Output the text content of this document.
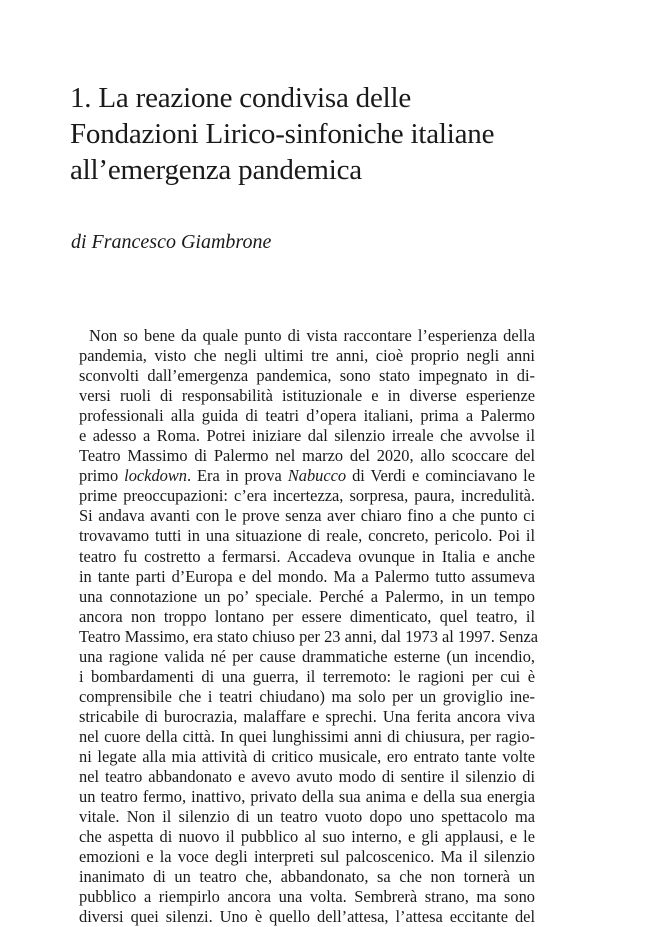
1. La reazione condivisa delle
Fondazioni Lirico-sinfoniche italiane
all’emergenza pandemica
di Francesco Giambrone
Non so bene da quale punto di vista raccontare l’esperienza della
pandemia, visto che negli ultimi tre anni, cioè proprio negli anni
sconvolti dall’emergenza pandemica, sono stato impegnato in di-
versi ruoli di responsabilità istituzionale e in diverse esperienze
professionali alla guida di teatri d’opera italiani, prima a Palermo
e adesso a Roma. Potrei iniziare dal silenzio irreale che avvolse il
Teatro Massimo di Palermo nel marzo del 2020, allo scoccare del
primo lockdown. Era in prova Nabucco di Verdi e cominciavano le
prime preoccupazioni: c’era incertezza, sorpresa, paura, incredulità.
Si andava avanti con le prove senza aver chiaro fino a che punto ci
trovavamo tutti in una situazione di reale, concreto, pericolo. Poi il
teatro fu costretto a fermarsi. Accadeva ovunque in Italia e anche
in tante parti d’Europa e del mondo. Ma a Palermo tutto assumeva
una connotazione un po’ speciale. Perché a Palermo, in un tempo
ancora non troppo lontano per essere dimenticato, quel teatro, il
Teatro Massimo, era stato chiuso per 23 anni, dal 1973 al 1997. Senza
una ragione valida né per cause drammatiche esterne (un incendio,
i bombardamenti di una guerra, il terremoto: le ragioni per cui è
comprensibile che i teatri chiudano) ma solo per un groviglio ine-
stricabile di burocrazia, malaffare e sprechi. Una ferita ancora viva
nel cuore della città. In quei lunghissimi anni di chiusura, per ragio-
ni legate alla mia attività di critico musicale, ero entrato tante volte
nel teatro abbandonato e avevo avuto modo di sentire il silenzio di
un teatro fermo, inattivo, privato della sua anima e della sua energia
vitale. Non il silenzio di un teatro vuoto dopo uno spettacolo ma
che aspetta di nuovo il pubblico al suo interno, e gli applausi, e le
emozioni e la voce degli interpreti sul palcoscenico. Ma il silenzio
inanimato di un teatro che, abbandonato, sa che non tornerà un
pubblico a riempirlo ancora una volta. Sembrerà strano, ma sono
diversi quei silenzi. Uno è quello dell’attesa, l’attesa eccitante del
